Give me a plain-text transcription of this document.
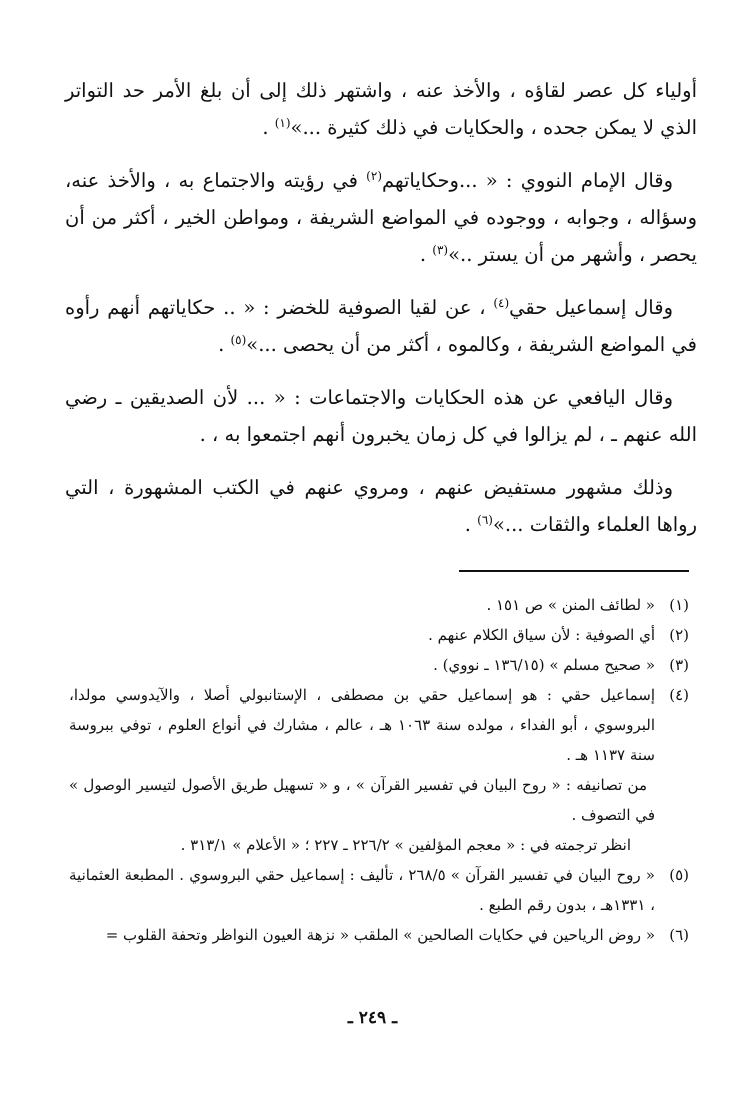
أولياء كل عصر لقاؤه ، والأخذ عنه ، واشتهر ذلك إلى أن بلغ الأمر حد التواتر الذي لا يمكن جحده ، والحكايات في ذلك كثيرة ...»$^{(١)}$ .

وقال الإمام النووي : « ...وحكاياتهم$^{(٢)}$ في رؤيته والاجتماع به ، والأخذ عنه، وسؤاله ، وجوابه ، ووجوده في المواضع الشريفة ، ومواطن الخير ، أكثر من أن يحصر ، وأشهر من أن يستر ..»$^{(٣)}$ .

وقال إسماعيل حقي$^{(٤)}$ ، عن لقيا الصوفية للخضر : « .. حكاياتهم أنهم رأوه في المواضع الشريفة ، وكالموه ، أكثر من أن يحصى ...»$^{(٥)}$ .

وقال اليافعي عن هذه الحكايات والاجتماعات : « ... لأن الصديقين ـ رضي الله عنهم ـ ، لم يزالوا في كل زمان يخبرون أنهم اجتمعوا به ، .

وذلك مشهور مستفيض عنهم ، ومروي عنهم في الكتب المشهورة ، التي رواها العلماء والثقات ...»$^{(٦)}$ .

(١)
« لطائف المنن » ص ١٥١ .
(٢)
أي الصوفية : لأن سياق الكلام عنهم .
(٣)
« صحيح مسلم » (١٣٦/١٥ ـ نووي) .
(٤)
إسماعيل حقي : هو إسماعيل حقي بن مصطفى ، الإستانبولي أصلا ، والآيدوسي مولدا، البروسوي ، أبو الفداء ، مولده سنة ١٠٦٣ هـ ، عالم ، مشارك في أنواع العلوم ، توفي ببروسة سنة ١١٣٧ هـ .
من تصانيفه : « روح البيان في تفسير القرآن » ، و « تسهيل طريق الأصول لتيسير الوصول » في التصوف .
انظر ترجمته في : « معجم المؤلفين » ٢٢٦/٢ ـ ٢٢٧ ؛ « الأعلام » ٣١٣/١ .
(٥)
« روح البيان في تفسير القرآن » ٢٦٨/٥ ، تأليف : إسماعيل حقي البروسوي . المطبعة العثمانية ، ١٣٣١هـ ، بدون رقم الطبع .
(٦)
« روض الرياحين في حكايات الصالحين » الملقب « نزهة العيون النواظر وتحفة القلوب =
ـ ٢٤٩ ـ
